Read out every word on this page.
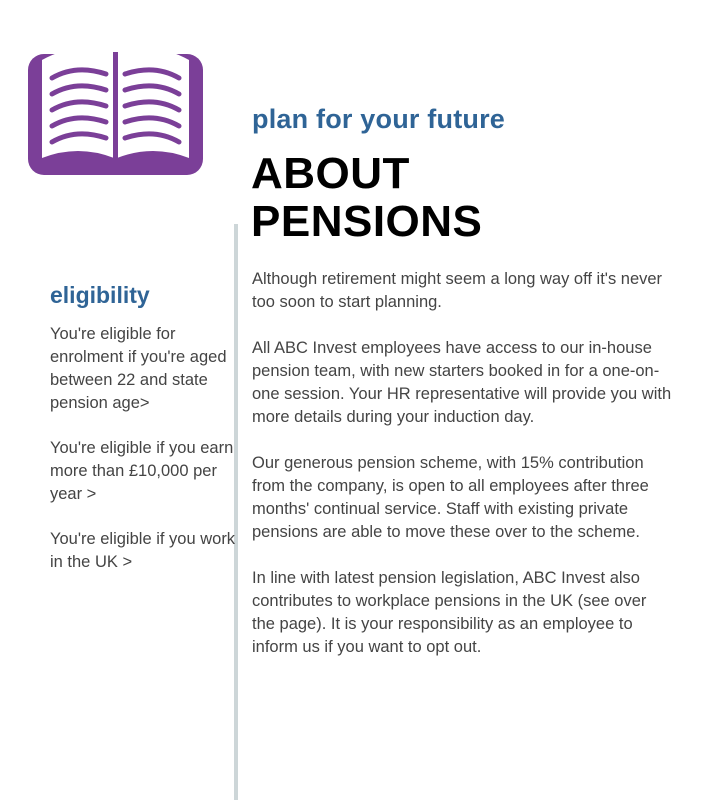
plan for your future
ABOUT
PENSIONS
eligibility

You're eligible for enrolment if you're aged between 22 and state pension age>

You're eligible if you earn more than £10,000 per year >

You're eligible if you work in the UK >

Although retirement might seem a long way off it's never too soon to start planning.

All ABC Invest employees have access to our in-house pension team, with new starters booked in for a one-on-one session. Your HR representative will provide you with more details during your induction day.

Our generous pension scheme, with 15% contribution from the company, is open to all employees after three months' continual service. Staff with existing private pensions are able to move these over to the scheme.

In line with latest pension legislation, ABC Invest also contributes to workplace pensions in the UK (see over the page). It is your responsibility as an employee to inform us if you want to opt out.
